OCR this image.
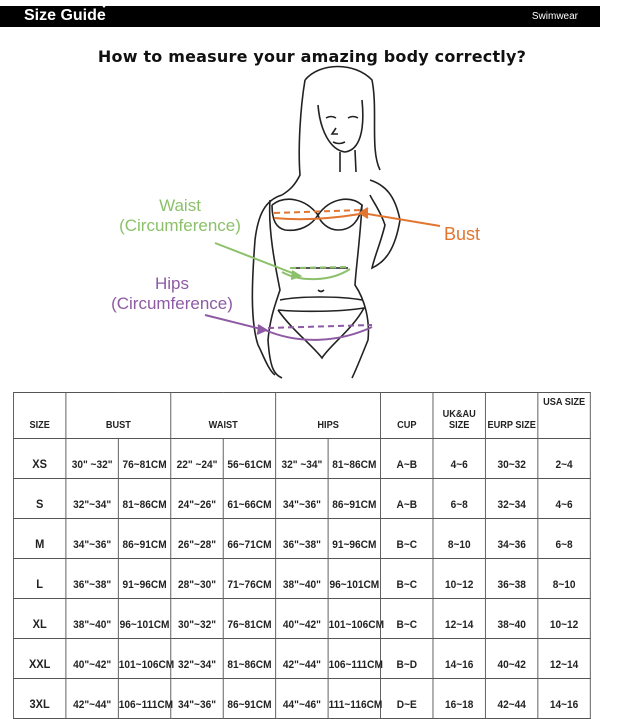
Size Guide	Swimwear
How to measure your amazing body correctly?
Waist
(Circumference)
Hips
(Circumference)
Bust
SIZE	BUST		WAIST		HIPS		CUP	UK&AU SIZE	EURP SIZE	USA SIZE
XS	30" ~32"	76~81CM	22" ~24"	56~61CM	32" ~34"	81~86CM	A~B	4~6	30~32	2~4
S	32"~34"	81~86CM	24"~26"	61~66CM	34"~36"	86~91CM	A~B	6~8	32~34	4~6
M	34"~36"	86~91CM	26"~28"	66~71CM	36"~38"	91~96CM	B~C	8~10	34~36	6~8
L	36"~38"	91~96CM	28"~30"	71~76CM	38"~40"	96~101CM	B~C	10~12	36~38	8~10
XL	38"~40"	96~101CM	30"~32"	76~81CM	40"~42"	101~106CM	B~C	12~14	38~40	10~12
XXL	40"~42"	101~106CM	32"~34"	81~86CM	42"~44"	106~111CM	B~D	14~16	40~42	12~14
3XL	42"~44"	106~111CM	34"~36"	86~91CM	44"~46"	111~116CM	D~E	16~18	42~44	14~16
